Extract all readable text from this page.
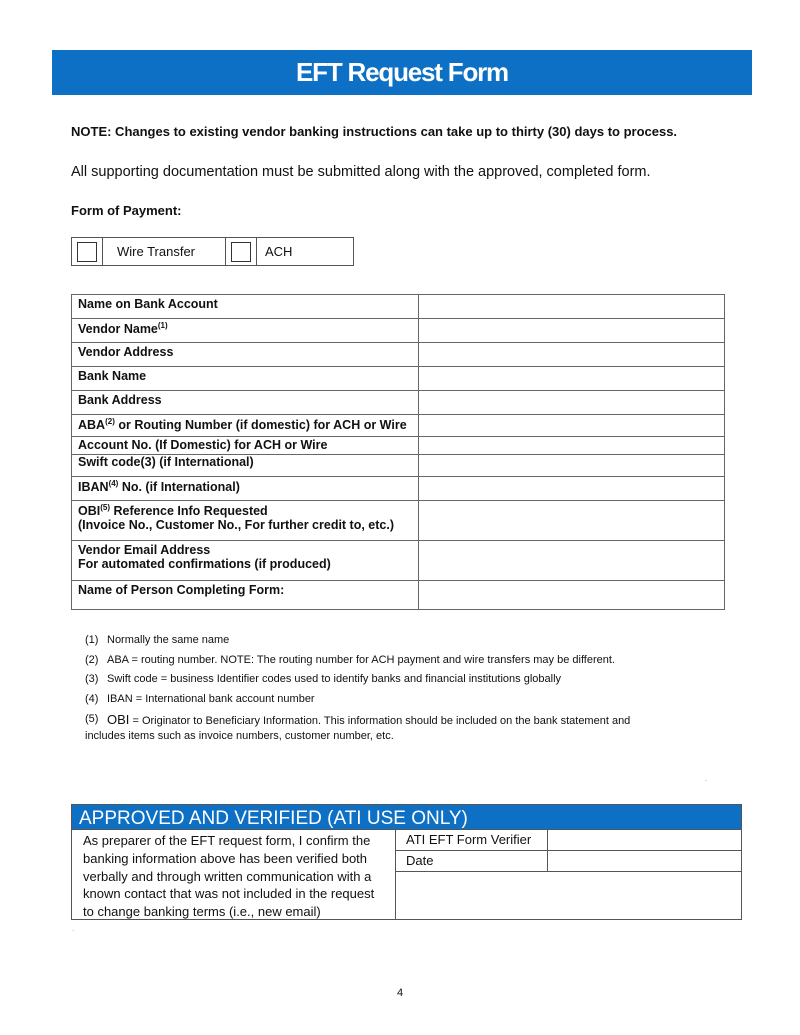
EFT Request Form
NOTE: Changes to existing vendor banking instructions can take up to thirty (30) days to process.
All supporting documentation must be submitted along with the approved, completed form.
Form of Payment:
Wire Transfer	ACH
Name on Bank Account	
Vendor Name$^{(1)}$	
Vendor Address	
Bank Name	
Bank Address	
ABA$^{(2)}$ or Routing Number (if domestic) for ACH or Wire	
Account No. (If Domestic) for ACH or Wire	
Swift code(3) (if International)	
IBAN$^{(4)}$ No. (if International)	
OBI$^{(5)}$ Reference Info Requested
(Invoice No., Customer No., For further credit to, etc.)	
Vendor Email Address
For automated confirmations (if produced)	
Name of Person Completing Form:	
(1) Normally the same name
(2) ABA = routing number. NOTE: The routing number for ACH payment and wire transfers may be different.
(3) Swift code = business Identifier codes used to identify banks and financial institutions globally
(4) IBAN = International bank account number
(5) OBI = Originator to Beneficiary Information. This information should be included on the bank statement and
includes items such as invoice numbers, customer number, etc.
.
APPROVED AND VERIFIED (ATI USE ONLY)
As preparer of the EFT request form, I confirm the banking information above has been verified both verbally and through written communication with a known contact that was not included in the request to change banking terms (i.e., new email)
ATI EFT Form Verifier
Date
.
4
